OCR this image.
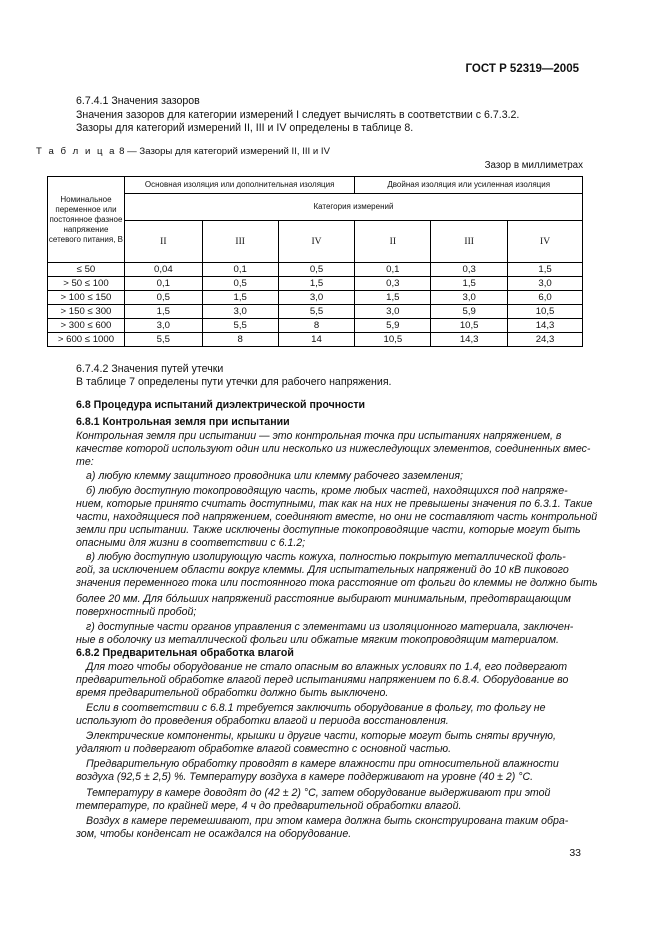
ГОСТ Р 52319—2005
6.7.4.1 Значения зазоров
Значения зазоров для категории измерений I следует вычислять в соответствии с 6.7.3.2.
Зазоры для категорий измерений II, III и IV определены в таблице 8.
Т а б л и ц а 8 — Зазоры для категорий измерений II, III и IV
Зазор в миллиметрах
Номинальное переменное или постоянное фазное напряжение сетевого питания, В	Основная изоляция или дополнительная изоляция			Двойная изоляция или усиленная изоляция		
	Категория измерений					
	II	III	IV	II	III	IV
≤ 50	0,04	0,1	0,5	0,1	0,3	1,5
> 50 ≤ 100	0,1	0,5	1,5	0,3	1,5	3,0
> 100 ≤ 150	0,5	1,5	3,0	1,5	3,0	6,0
> 150 ≤ 300	1,5	3,0	5,5	3,0	5,9	10,5
> 300 ≤ 600	3,0	5,5	8	5,9	10,5	14,3
> 600 ≤ 1000	5,5	8	14	10,5	14,3	24,3
6.7.4.2 Значения путей утечки
В таблице 7 определены пути утечки для рабочего напряжения.
6.8 Процедура испытаний диэлектрической прочности
6.8.1 Контрольная земля при испытании
Контрольная земля при испытании — это контрольная точка при испытаниях напряжением, в
качестве которой используют один или несколько из нижеследующих элементов, соединенных вмес-
те:
а) любую клемму защитного проводника или клемму рабочего заземления;
б) любую доступную токопроводящую часть, кроме любых частей, находящихся под напряже-
нием, которые принято считать доступными, так как на них не превышены значения по 6.3.1. Такие
части, находящиеся под напряжением, соединяют вместе, но они не составляют часть контрольной
земли при испытании. Также исключены доступные токопроводящие части, которые могут быть
опасными для жизни в соответствии с 6.1.2;
в) любую доступную изолирующую часть кожуха, полностью покрытую металлической фоль-
гой, за исключением области вокруг клеммы. Для испытательных напряжений до 10 кВ пикового
значения переменного тока или постоянного тока расстояние от фольги до клеммы не должно быть
более 20 мм. Для бо́льших напряжений расстояние выбирают минимальным, предотвращающим
поверхностный пробой;
г) доступные части органов управления с элементами из изоляционного материала, заключен-
ные в оболочку из металлической фольги или обжатые мягким токопроводящим материалом.
6.8.2 Предварительная обработка влагой
Для того чтобы оборудование не стало опасным во влажных условиях по 1.4, его подвергают
предварительной обработке влагой перед испытаниями напряжением по 6.8.4. Оборудование во
время предварительной обработки должно быть выключено.
Если в соответствии с 6.8.1 требуется заключить оборудование в фольгу, то фольгу не
используют до проведения обработки влагой и периода восстановления.
Электрические компоненты, крышки и другие части, которые могут быть сняты вручную,
удаляют и подвергают обработке влагой совместно с основной частью.
Предварительную обработку проводят в камере влажности при относительной влажности
воздуха (92,5 ± 2,5) %. Температуру воздуха в камере поддерживают на уровне (40 ± 2) °С.
Температуру в камере доводят до (42 ± 2) °С, затем оборудование выдерживают при этой
температуре, по крайней мере, 4 ч до предварительной обработки влагой.
Воздух в камере перемешивают, при этом камера должна быть сконструирована таким обра-
зом, чтобы конденсат не осаждался на оборудование.
33
